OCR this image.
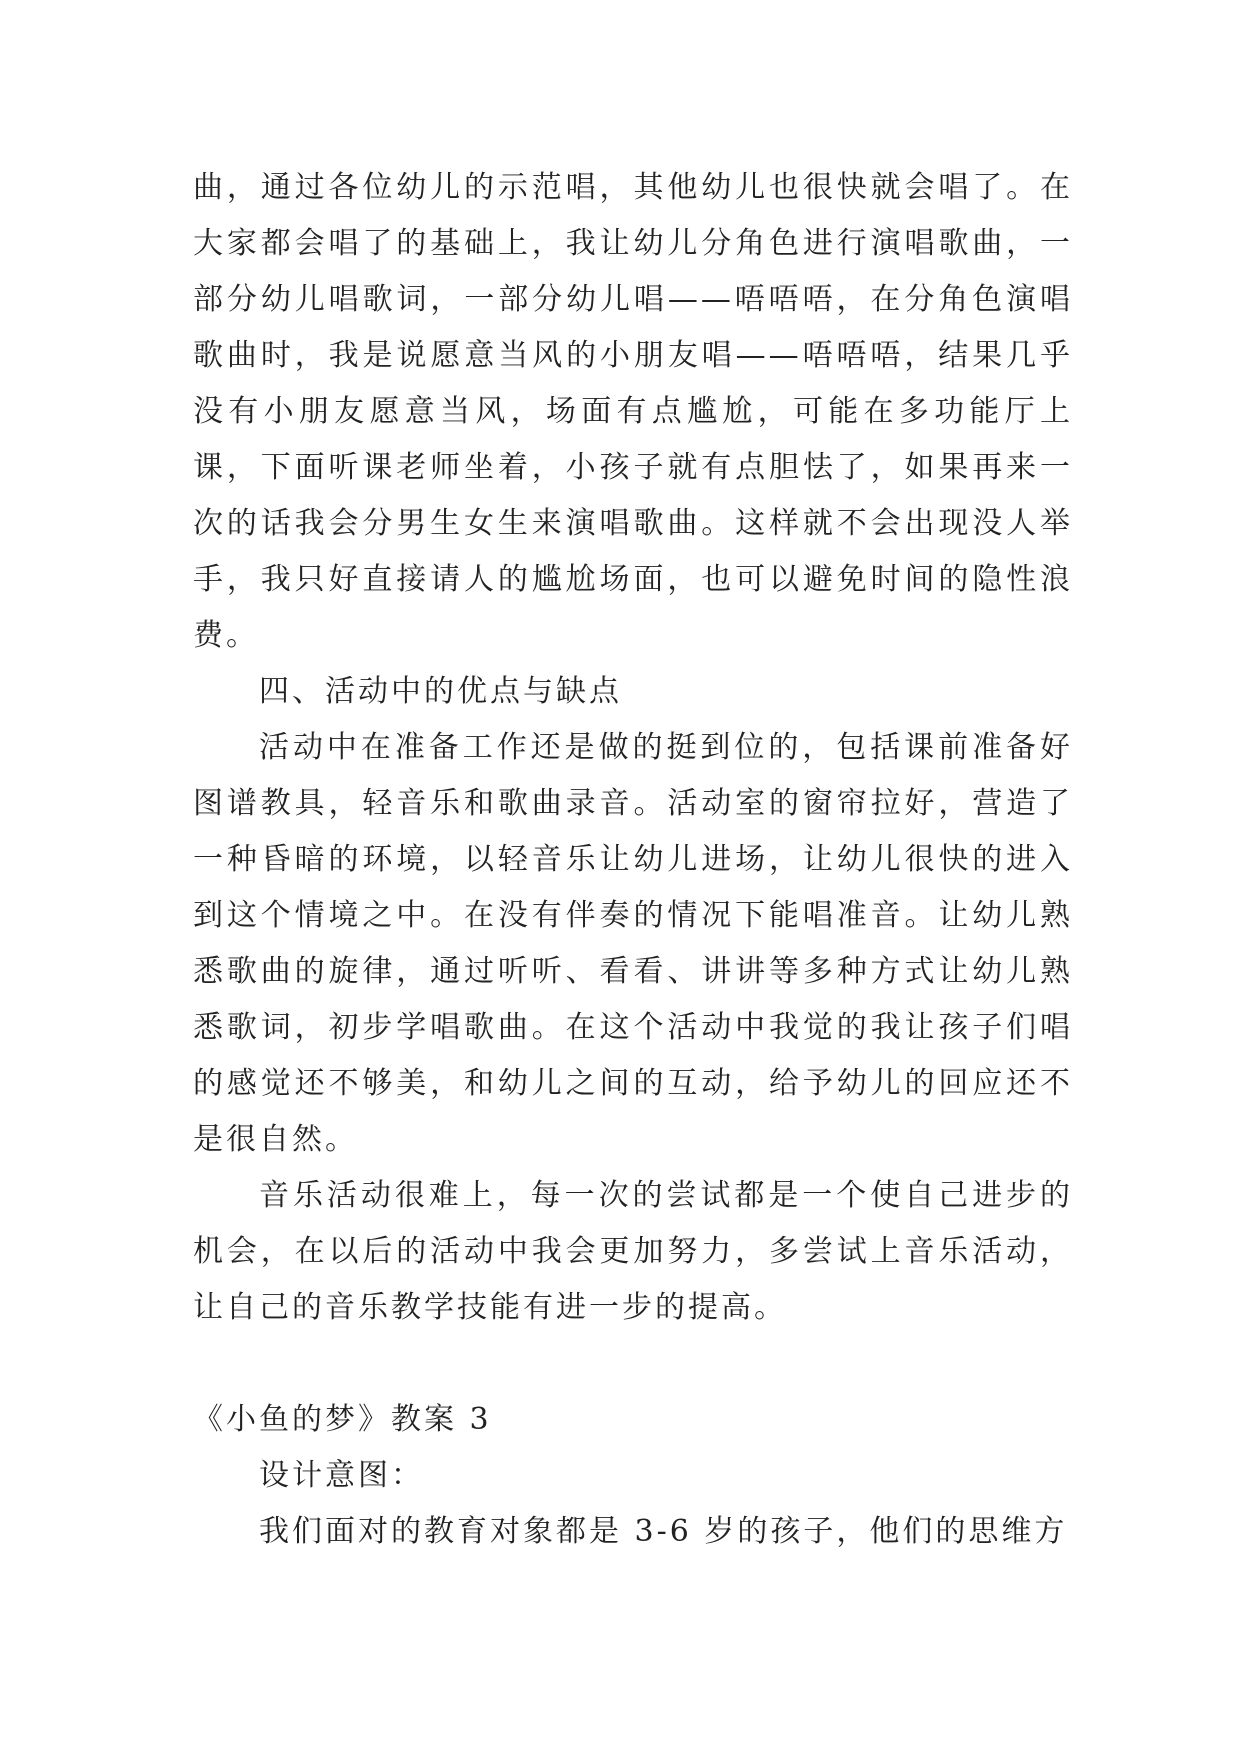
曲，通过各位幼儿的示范唱，其他幼儿也很快就会唱了。在大家都会唱了的基础上，我让幼儿分角色进行演唱歌曲，一部分幼儿唱歌词，一部分幼儿唱——唔唔唔，在分角色演唱歌曲时，我是说愿意当风的小朋友唱——唔唔唔，结果几乎没有小朋友愿意当风，场面有点尴尬，可能在多功能厅上课，下面听课老师坐着，小孩子就有点胆怯了，如果再来一次的话我会分男生女生来演唱歌曲。这样就不会出现没人举手，我只好直接请人的尴尬场面，也可以避免时间的隐性浪费。

四、活动中的优点与缺点

活动中在准备工作还是做的挺到位的，包括课前准备好图谱教具，轻音乐和歌曲录音。活动室的窗帘拉好，营造了一种昏暗的环境，以轻音乐让幼儿进场，让幼儿很快的进入到这个情境之中。在没有伴奏的情况下能唱准音。让幼儿熟悉歌曲的旋律，通过听听、看看、讲讲等多种方式让幼儿熟悉歌词，初步学唱歌曲。在这个活动中我觉的我让孩子们唱的感觉还不够美，和幼儿之间的互动，给予幼儿的回应还不是很自然。

音乐活动很难上，每一次的尝试都是一个使自己进步的机会，在以后的活动中我会更加努力，多尝试上音乐活动，让自己的音乐教学技能有进一步的提高。

《小鱼的梦》教案 3

设计意图：

我们面对的教育对象都是 3-6 岁的孩子，他们的思维方
